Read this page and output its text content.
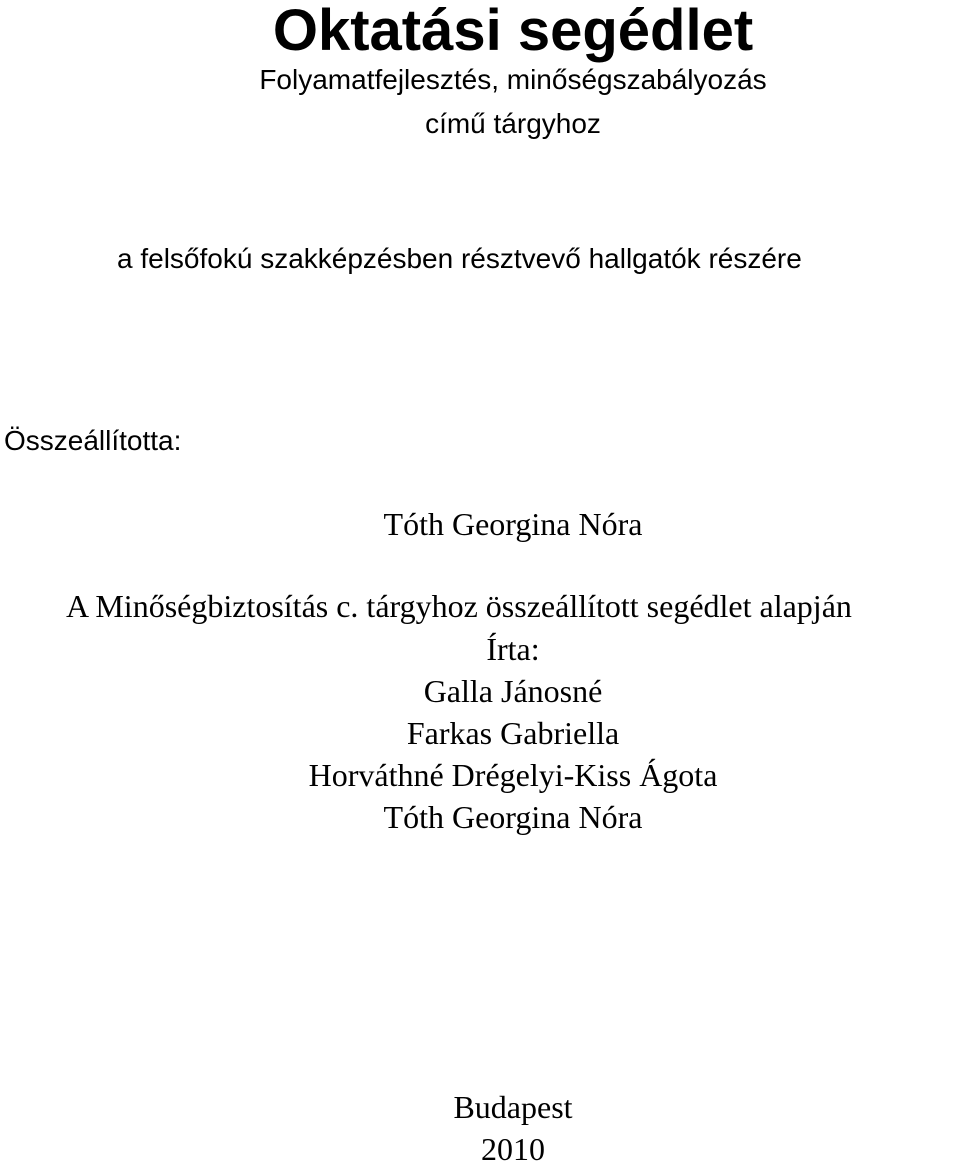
Oktatási segédlet

Folyamatfejlesztés, minőségszabályozás

című tárgyhoz

a felsőfokú szakképzésben résztvevő hallgatók részére

Összeállította:

Tóth Georgina Nóra

A Minőségbiztosítás c. tárgyhoz összeállított segédlet alapján

Írta:

Galla Jánosné

Farkas Gabriella

Horváthné Drégelyi-Kiss Ágota

Tóth Georgina Nóra

Budapest

2010
